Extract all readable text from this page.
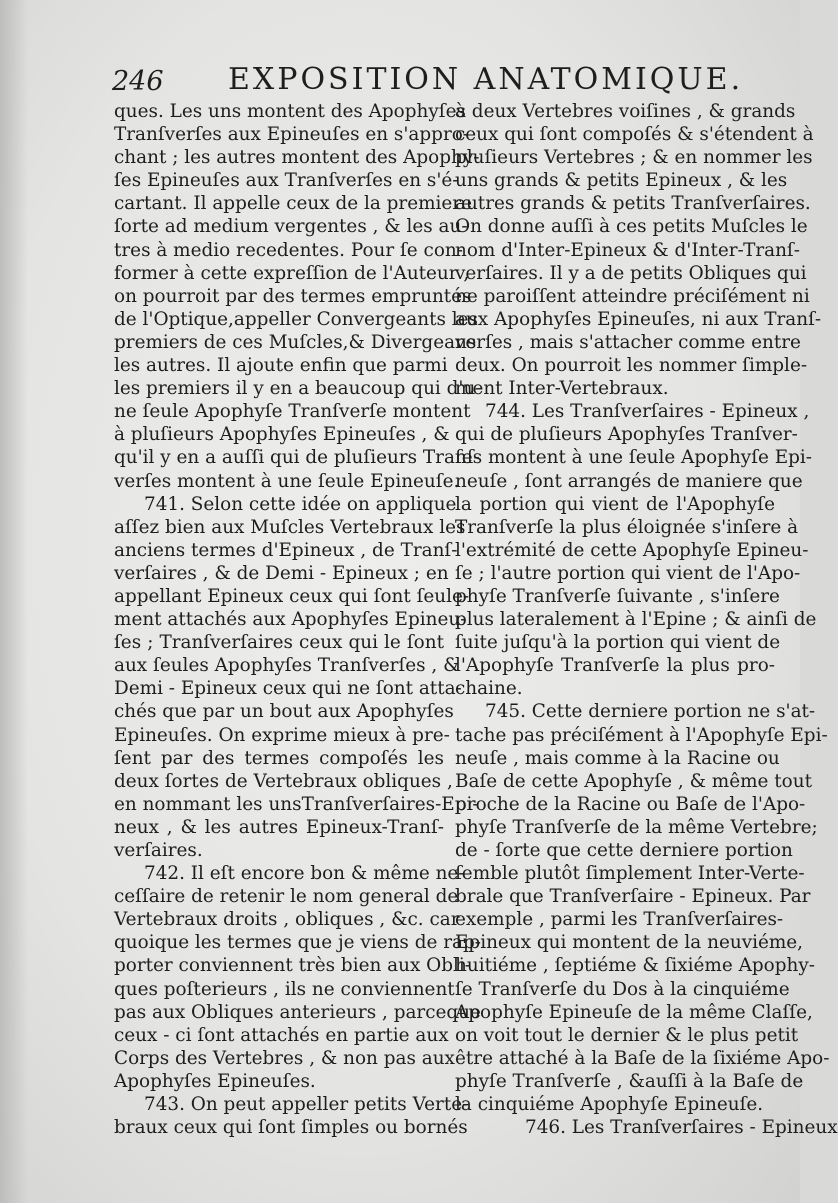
246 EXPOSITION ANATOMIQUE.
ques. Les uns montent des Apophyſes
Tranſverſes aux Epineuſes en s'appro-
chant ; les autres montent des Apophy-
ſes Epineuſes aux Tranſverſes en s'é-
cartant. Il appelle ceux de la premiere
ſorte ad medium vergentes , & les au-
tres à medio recedentes. Pour ſe con-
former à cette expreſſion de l'Auteur ,
on pourroit par des termes empruntés
de l'Optique,appeller Convergeants les
premiers de ces Muſcles,& Divergeans
les autres. Il ajoute enfin que parmi
les premiers il y en a beaucoup qui d'u-
ne ſeule Apophyſe Tranſverſe montent
à pluſieurs Apophyſes Epineuſes , &
qu'il y en a auſſi qui de pluſieurs Tranſ-
verſes montent à une ſeule Epineuſe.
741. Selon cette idée on applique
aſſez bien aux Muſcles Vertebraux les
anciens termes d'Epineux , de Tranſ-
verſaires , & de Demi - Epineux ; en
appellant Epineux ceux qui ſont ſeule-
ment attachés aux Apophyſes Epineu-
ſes ; Tranſverſaires ceux qui le ſont
aux ſeules Apophyſes Tranſverſes , &
Demi - Epineux ceux qui ne ſont atta-
chés que par un bout aux Apophyſes
Epineuſes. On exprime mieux à pre-
ſent par des termes compoſés les
deux ſortes de Vertebraux obliques ,
en nommant les unsTranſverſaires-Epi-
neux , & les autres Epineux-Tranſ-
verſaires.
742. Il eſt encore bon & même ne-
ceſſaire de retenir le nom general de
Vertebraux droits , obliques , &c. car
quoique les termes que je viens de rap-
porter conviennent très bien aux Obli-
ques poſterieurs , ils ne conviennent
pas aux Obliques anterieurs , parceque
ceux - ci ſont attachés en partie aux
Corps des Vertebres , & non pas aux
Apophyſes Epineuſes.
743. On peut appeller petits Verte-
braux ceux qui ſont ſimples ou bornés
à deux Vertebres voiſines , & grands
ceux qui ſont compoſés & s'étendent à
pluſieurs Vertebres ; & en nommer les
uns grands & petits Epineux , & les
autres grands & petits Tranſverſaires.
On donne auſſi à ces petits Muſcles le
nom d'Inter-Epineux & d'Inter-Tranſ-
verſaires. Il y a de petits Obliques qui
ne paroiſſent atteindre préciſément ni
aux Apophyſes Epineuſes, ni aux Tranſ-
verſes , mais s'attacher comme entre
deux. On pourroit les nommer ſimple-
ment Inter-Vertebraux.
744. Les Tranſverſaires - Epineux ,
qui de pluſieurs Apophyſes Tranſver-
ſes montent à une ſeule Apophyſe Epi-
neuſe , ſont arrangés de maniere que
la portion qui vient de l'Apophyſe
Tranſverſe la plus éloignée s'inſere à
l'extrémité de cette Apophyſe Epineu-
ſe ; l'autre portion qui vient de l'Apo-
phyſe Tranſverſe ſuivante , s'inſere
plus lateralement à l'Epine ; & ainſi de
ſuite juſqu'à la portion qui vient de
l'Apophyſe Tranſverſe la plus pro-
chaine.
745. Cette derniere portion ne s'at-
tache pas préciſément à l'Apophyſe Epi-
neuſe , mais comme à la Racine ou
Baſe de cette Apophyſe , & même tout
proche de la Racine ou Baſe de l'Apo-
phyſe Tranſverſe de la même Vertebre;
de - ſorte que cette derniere portion
ſemble plutôt ſimplement Inter-Verte-
brale que Tranſverſaire - Epineux. Par
exemple , parmi les Tranſverſaires-
Epineux qui montent de la neuviéme,
huitiéme , ſeptiéme & ſixiéme Apophy-
ſe Tranſverſe du Dos à la cinquiéme
Apophyſe Epineuſe de la même Claſſe,
on voit tout le dernier & le plus petit
être attaché à la Baſe de la ſixiéme Apo-
phyſe Tranſverſe , &auſſi à la Baſe de
la cinquiéme Apophyſe Epineuſe.
746. Les Tranſverſaires - Epineux
